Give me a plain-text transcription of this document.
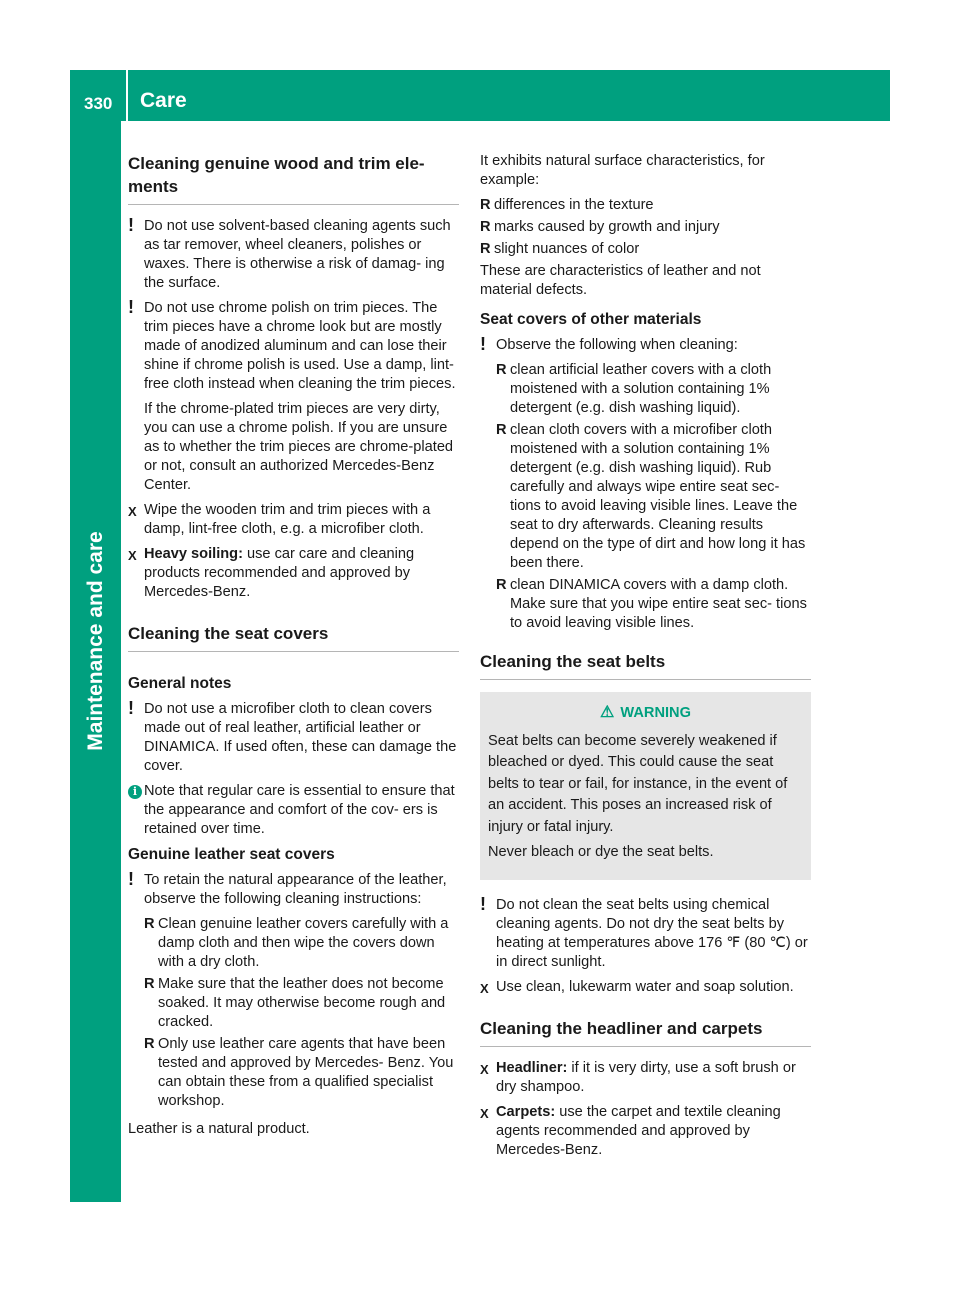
330 Care
Maintenance and care
Cleaning genuine wood and trim ele- ments
! Do not use solvent-based cleaning agents such as tar remover, wheel cleaners, polishes or waxes. There is otherwise a risk of damag- ing the surface.

! Do not use chrome polish on trim pieces. The trim pieces have a chrome look but are mostly made of anodized aluminum and can lose their shine if chrome polish is used. Use a damp, lint-free cloth instead when cleaning the trim pieces.

If the chrome-plated trim pieces are very dirty, you can use a chrome polish. If you are unsure as to whether the trim pieces are chrome-plated or not, consult an authorized Mercedes-Benz Center.

X Wipe the wooden trim and trim pieces with a damp, lint-free cloth, e.g. a microfiber cloth.

X Heavy soiling: use car care and cleaning products recommended and approved by Mercedes-Benz.

Cleaning the seat covers
General notes
! Do not use a microfiber cloth to clean covers made out of real leather, artificial leather or DINAMICA. If used often, these can damage the cover.

i Note that regular care is essential to ensure that the appearance and comfort of the cov- ers is retained over time.

Genuine leather seat covers
! To retain the natural appearance of the leather, observe the following cleaning instructions:

R Clean genuine leather covers carefully with a damp cloth and then wipe the covers down with a dry cloth.

R Make sure that the leather does not become soaked. It may otherwise become rough and cracked.

R Only use leather care agents that have been tested and approved by Mercedes- Benz. You can obtain these from a qualified specialist workshop.

Leather is a natural product.

It exhibits natural surface characteristics, for example:

R differences in the texture

R marks caused by growth and injury

R slight nuances of color

These are characteristics of leather and not material defects.

Seat covers of other materials
! Observe the following when cleaning:

R clean artificial leather covers with a cloth moistened with a solution containing 1% detergent (e.g. dish washing liquid).

R clean cloth covers with a microfiber cloth moistened with a solution containing 1% detergent (e.g. dish washing liquid). Rub carefully and always wipe entire seat sec- tions to avoid leaving visible lines. Leave the seat to dry afterwards. Cleaning results depend on the type of dirt and how long it has been there.

R clean DINAMICA covers with a damp cloth. Make sure that you wipe entire seat sec- tions to avoid leaving visible lines.

Cleaning the seat belts
⚠ WARNING

Seat belts can become severely weakened if bleached or dyed. This could cause the seat belts to tear or fail, for instance, in the event of an accident. This poses an increased risk of injury or fatal injury.

Never bleach or dye the seat belts.

! Do not clean the seat belts using chemical cleaning agents. Do not dry the seat belts by heating at temperatures above 176 ℉ (80 ℃) or in direct sunlight.

X Use clean, lukewarm water and soap solution.

Cleaning the headliner and carpets
X Headliner: if it is very dirty, use a soft brush or dry shampoo.

X Carpets: use the carpet and textile cleaning agents recommended and approved by Mercedes-Benz.
